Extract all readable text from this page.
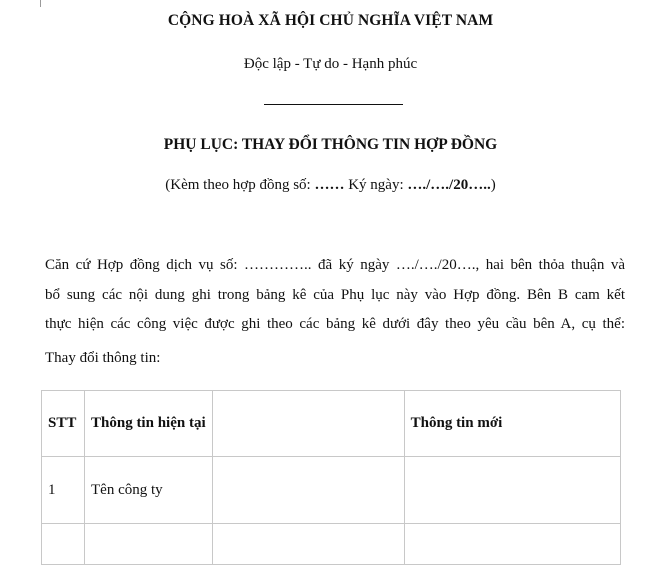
CỘNG HOÀ XÃ HỘI CHỦ NGHĨA VIỆT NAM
Độc lập - Tự do - Hạnh phúc
PHỤ LỤC: THAY ĐỔI THÔNG TIN HỢP ĐỒNG
(Kèm theo hợp đồng số: …… Ký ngày: …./…./20…..)
Căn cứ Hợp đồng dịch vụ số: ………….. đã ký ngày …./…./20…., hai bên thỏa thuận và
bổ sung các nội dung ghi trong bảng kê của Phụ lục này vào Hợp đồng. Bên B cam kết
thực hiện các công việc được ghi theo các bảng kê dưới đây theo yêu cầu bên A, cụ thể:
Thay đổi thông tin:
STT	Thông tin hiện tại		Thông tin mới
1	Tên công ty		
